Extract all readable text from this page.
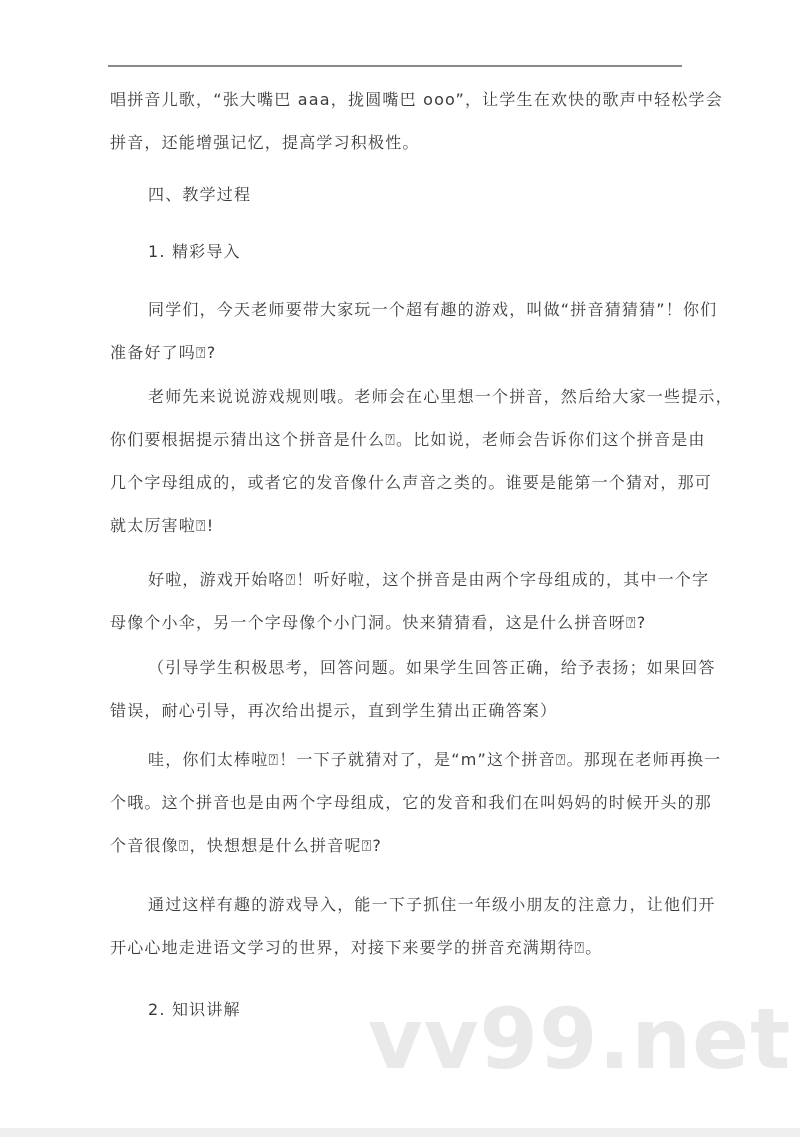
唱拼音儿歌，“张大嘴巴 aaa，拢圆嘴巴 ooo”，让学生在欢快的歌声中轻松学会
拼音，还能增强记忆，提高学习积极性。
四、教学过程
1. 精彩导入
同学们，今天老师要带大家玩一个超有趣的游戏，叫做“拼音猜猜猜”！你们
准备好了吗⍰?
老师先来说说游戏规则哦。老师会在心里想一个拼音，然后给大家一些提示，
你们要根据提示猜出这个拼音是什么⍰。比如说，老师会告诉你们这个拼音是由
几个字母组成的，或者它的发音像什么声音之类的。谁要是能第一个猜对，那可
就太厉害啦⍰!
好啦，游戏开始咯⍰！听好啦，这个拼音是由两个字母组成的，其中一个字
母像个小伞，另一个字母像个小门洞。快来猜猜看，这是什么拼音呀⍰?
（引导学生积极思考，回答问题。如果学生回答正确，给予表扬；如果回答
错误，耐心引导，再次给出提示，直到学生猜出正确答案）
哇，你们太棒啦⍰！一下子就猜对了，是“m”这个拼音⍰。那现在老师再换一
个哦。这个拼音也是由两个字母组成，它的发音和我们在叫妈妈的时候开头的那
个音很像⍰，快想想是什么拼音呢⍰?
通过这样有趣的游戏导入，能一下子抓住一年级小朋友的注意力，让他们开
开心心地走进语文学习的世界，对接下来要学的拼音充满期待⍰。
2. 知识讲解	vv99.net
